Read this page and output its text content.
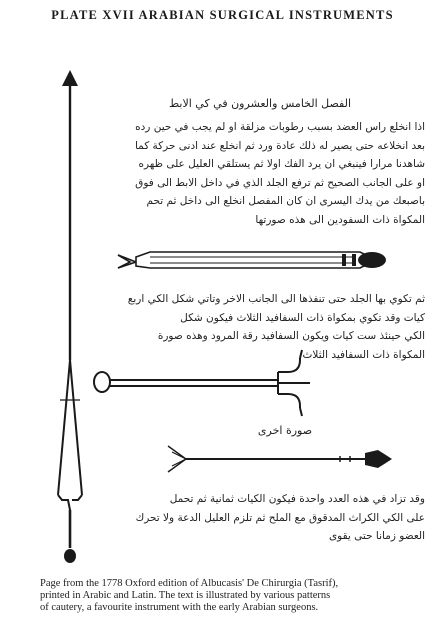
PLATE XVII ARABIAN SURGICAL INSTRUMENTS
الفصل الخامس والعشرون في كي الابط
اذا انخلع راس العضد بسبب رطوبات مزلقة او لم يجب في حين رده
بعد انخلاعه حتى يصير له ذلك عادة ورد ثم انخلع عند ادنى حركة كما
شاهدنا مرارا فينبغي ان يرد الفك اولا ثم يستلقي العليل على ظهره
او على الجانب الصحيح ثم ترفع الجلد الذي في داخل الابط الى فوق
باصبعك من يدك اليسرى ان كان المفصل انخلع الى داخل ثم تحم
المكواة ذات السفودين الى هذه صورتها
ثم تكوي بها الجلد حتى تنفذها الى الجانب الاخر وتاتي شكل الكي اربع
كيات وقد تكوي بمكواة ذات السفافيد الثلاث فيكون شكل
الكي حينئذ ست كيات ويكون السفافيد رقة المرود وهذه صورة
المكواة ذات السفافيد الثلاث
صورة اخرى
وقد تزاد في هذه العدد واحدة فيكون الكيات ثمانية ثم تحمل
على الكي الكراث المدقوق مع الملح ثم تلزم العليل الدعة ولا تحرك
العضو زمانا حتى يقوى
Page from the 1778 Oxford edition of Albucasis' De Chirurgia (Tasrif),
printed in Arabic and Latin. The text is illustrated by various patterns
of cautery, a favourite instrument with the early Arabian surgeons.
